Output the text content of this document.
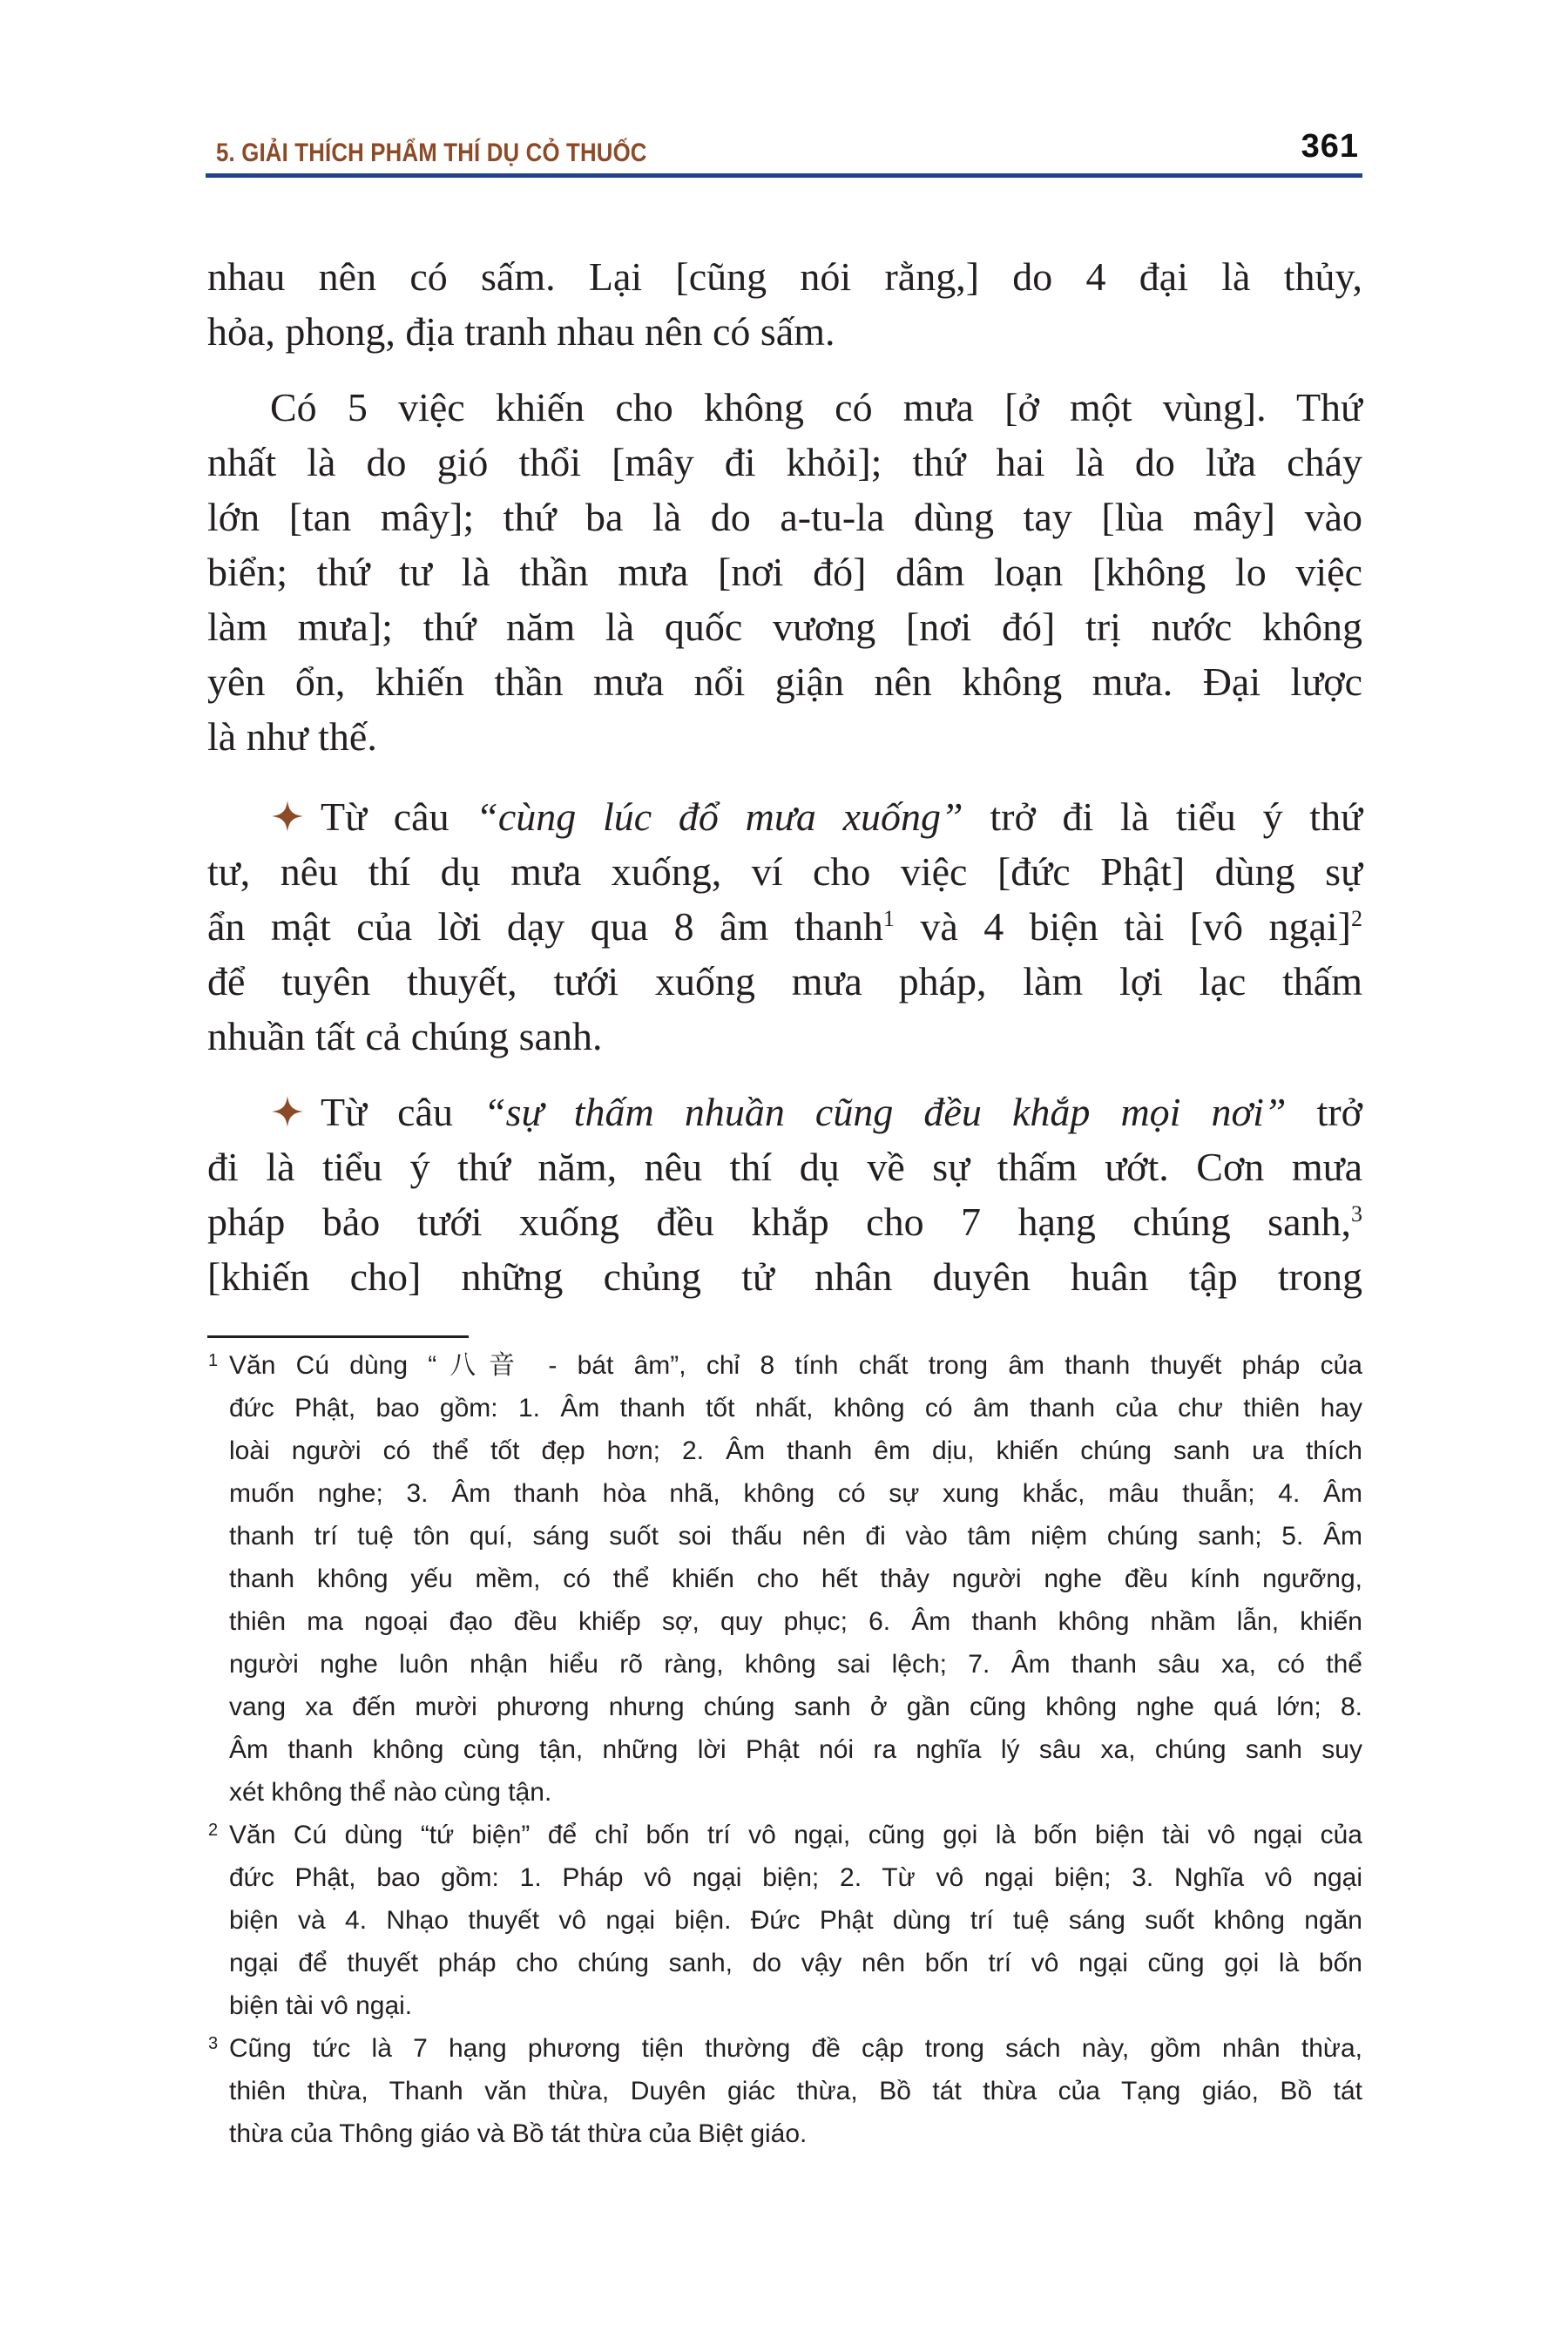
5. GIẢI THÍCH PHẨM THÍ DỤ CỎ THUỐC	361
nhau nên có sấm. Lại [cũng nói rằng,] do 4 đại là thủy,
hỏa, phong, địa tranh nhau nên có sấm.
Có 5 việc khiến cho không có mưa [ở một vùng]. Thứ
nhất là do gió thổi [mây đi khỏi]; thứ hai là do lửa cháy
lớn [tan mây]; thứ ba là do a-tu-la dùng tay [lùa mây] vào
biển; thứ tư là thần mưa [nơi đó] dâm loạn [không lo việc
làm mưa]; thứ năm là quốc vương [nơi đó] trị nước không
yên ổn, khiến thần mưa nổi giận nên không mưa. Đại lược
là như thế.
Từ câu “cùng lúc đổ mưa xuống” trở đi là tiểu ý thứ
tư, nêu thí dụ mưa xuống, ví cho việc [đức Phật] dùng sự
ẩn mật của lời dạy qua 8 âm thanh$^1$ và 4 biện tài [vô ngại]$^2$
để tuyên thuyết, tưới xuống mưa pháp, làm lợi lạc thấm
nhuần tất cả chúng sanh.
Từ câu “sự thấm nhuần cũng đều khắp mọi nơi” trở
đi là tiểu ý thứ năm, nêu thí dụ về sự thấm ướt. Cơn mưa
pháp bảo tưới xuống đều khắp cho 7 hạng chúng sanh,$^3$
[khiến cho] những chủng tử nhân duyên huân tập trong
1 Văn Cú dùng “八音 - bát âm”, chỉ 8 tính chất trong âm thanh thuyết pháp của
đức Phật, bao gồm: 1. Âm thanh tốt nhất, không có âm thanh của chư thiên hay
loài người có thể tốt đẹp hơn; 2. Âm thanh êm dịu, khiến chúng sanh ưa thích
muốn nghe; 3. Âm thanh hòa nhã, không có sự xung khắc, mâu thuẫn; 4. Âm
thanh trí tuệ tôn quí, sáng suốt soi thấu nên đi vào tâm niệm chúng sanh; 5. Âm
thanh không yếu mềm, có thể khiến cho hết thảy người nghe đều kính ngưỡng,
thiên ma ngoại đạo đều khiếp sợ, quy phục; 6. Âm thanh không nhầm lẫn, khiến
người nghe luôn nhận hiểu rõ ràng, không sai lệch; 7. Âm thanh sâu xa, có thể
vang xa đến mười phương nhưng chúng sanh ở gần cũng không nghe quá lớn; 8.
Âm thanh không cùng tận, những lời Phật nói ra nghĩa lý sâu xa, chúng sanh suy
xét không thể nào cùng tận.
2 Văn Cú dùng “tứ biện” để chỉ bốn trí vô ngại, cũng gọi là bốn biện tài vô ngại của
đức Phật, bao gồm: 1. Pháp vô ngại biện; 2. Từ vô ngại biện; 3. Nghĩa vô ngại
biện và 4. Nhạo thuyết vô ngại biện. Đức Phật dùng trí tuệ sáng suốt không ngăn
ngại để thuyết pháp cho chúng sanh, do vậy nên bốn trí vô ngại cũng gọi là bốn
biện tài vô ngại.
3 Cũng tức là 7 hạng phương tiện thường đề cập trong sách này, gồm nhân thừa,
thiên thừa, Thanh văn thừa, Duyên giác thừa, Bồ tát thừa của Tạng giáo, Bồ tát
thừa của Thông giáo và Bồ tát thừa của Biệt giáo.
